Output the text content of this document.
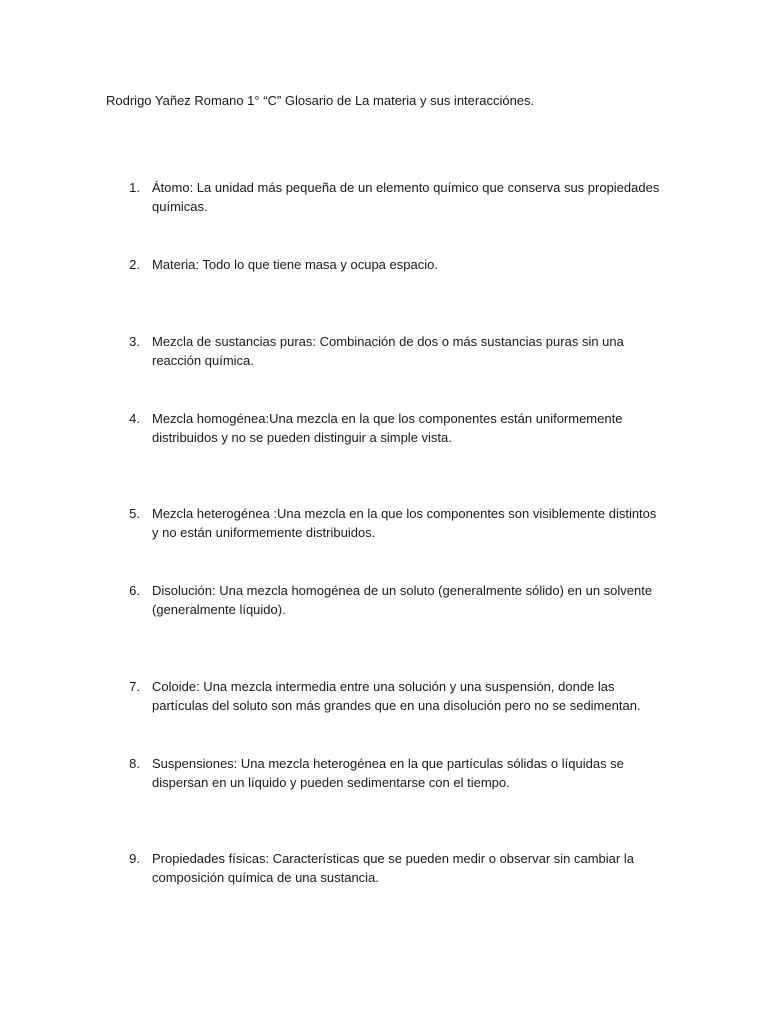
Rodrigo Yañez Romano 1° “C” Glosario de La materia y sus interacciónes.
1. Átomo: La unidad más pequeña de un elemento químico que conserva sus propiedades químicas.
2. Materia: Todo lo que tiene masa y ocupa espacio.
3. Mezcla de sustancias puras: Combinación de dos o más sustancias puras sin una reacción química.
4. Mezcla homogénea:Una mezcla en la que los componentes están uniformemente distribuidos y no se pueden distinguir a simple vista.
5. Mezcla heterogénea :Una mezcla en la que los componentes son visiblemente distintos y no están uniformemente distribuidos.
6. Disolución: Una mezcla homogénea de un soluto (generalmente sólido) en un solvente (generalmente líquido).
7. Coloide: Una mezcla intermedia entre una solución y una suspensión, donde las partículas del soluto son más grandes que en una disolución pero no se sedimentan.
8. Suspensiones: Una mezcla heterogénea en la que partículas sólidas o líquidas se dispersan en un líquido y pueden sedimentarse con el tiempo.
9. Propiedades físicas: Características que se pueden medir o observar sin cambiar la composición química de una sustancia.
